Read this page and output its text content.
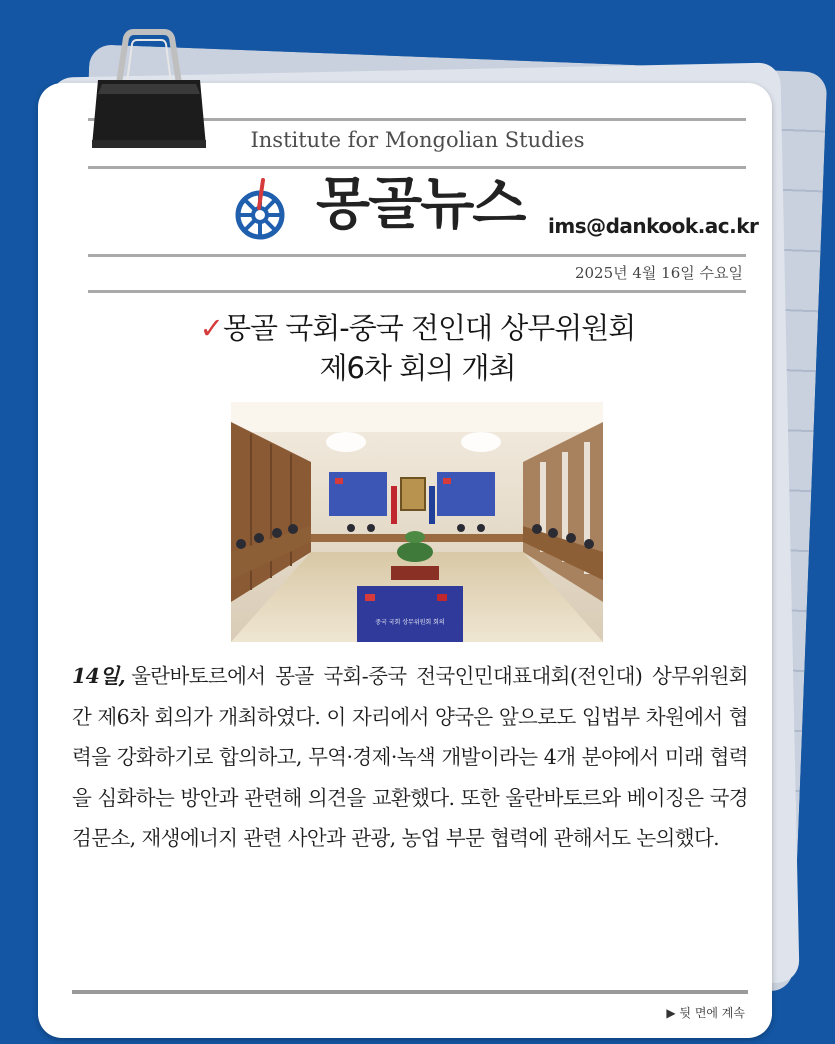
Institute for Mongolian Studies
몽골뉴스 ims@dankook.ac.kr
2025년 4월 16일 수요일
✓몽골 국회-중국 전인대 상무위원회
제6차 회의 개최
중국 국회 상무위원회 회의
14일, 울란바토르에서 몽골 국회-중국 전국인민대표대회(전인대) 상무위원회 간 제6차 회의가 개최하였다. 이 자리에서 양국은 앞으로도 입법부 차원에서 협력을 강화하기로 합의하고, 무역·경제·녹색 개발이라는 4개 분야에서 미래 협력을 심화하는 방안과 관련해 의견을 교환했다. 또한 울란바토르와 베이징은 국경검문소, 재생에너지 관련 사안과 관광, 농업 부문 협력에 관해서도 논의했다.
▶ 뒷 면에 계속
